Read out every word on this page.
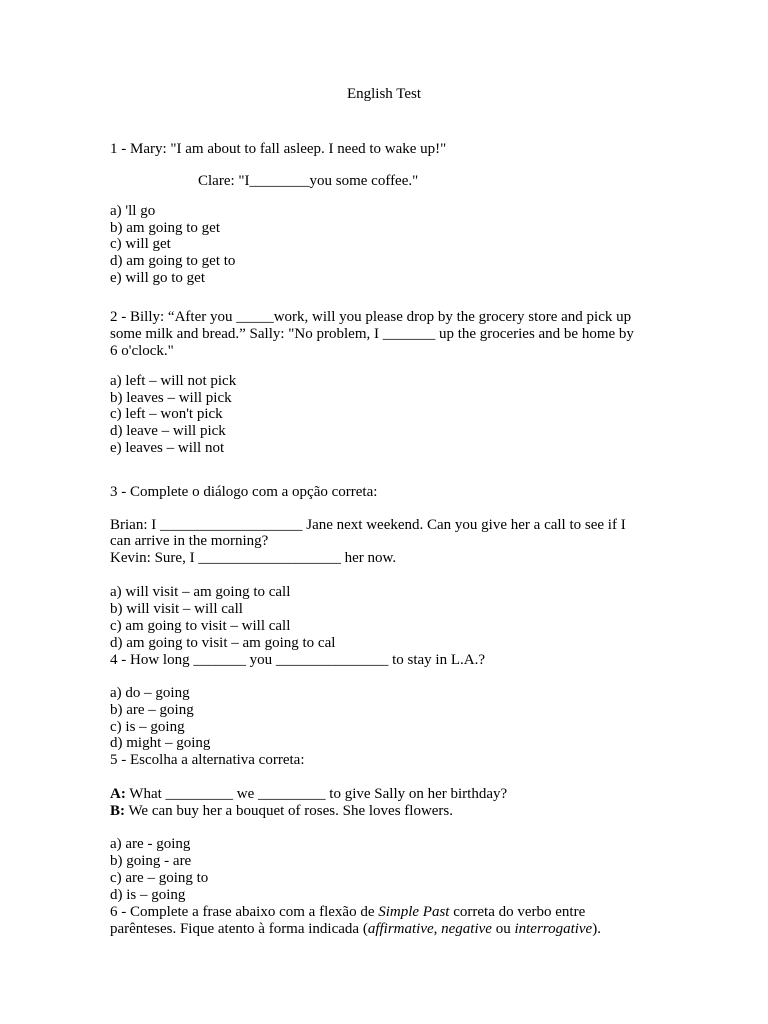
English Test
1 - Mary: "I am about to fall asleep. I need to wake up!"
Clare: "I________you some coffee."
a) 'll go
b) am going to get
c) will get
d) am going to get to
e) will go to get
2 - Billy: “After you _____work, will you please drop by the grocery store and pick up
some milk and bread.” Sally: "No problem, I _______ up the groceries and be home by
6 o'clock."
a) left – will not pick
b) leaves – will pick
c) left – won't pick
d) leave – will pick
e) leaves – will not
3 - Complete o diálogo com a opção correta:
Brian: I ___________________ Jane next weekend. Can you give her a call to see if I
can arrive in the morning?
Kevin: Sure, I ___________________ her now.
a) will visit – am going to call
b) will visit – will call
c) am going to visit – will call
d) am going to visit – am going to cal
4 - How long _______ you _______________ to stay in L.A.?
a) do – going
b) are – going
c) is – going
d) might – going
5 - Escolha a alternativa correta:
A: What _________ we _________ to give Sally on her birthday?
B: We can buy her a bouquet of roses. She loves flowers.
a) are - going
b) going - are
c) are – going to
d) is – going
6 - Complete a frase abaixo com a flexão de Simple Past correta do verbo entre
parênteses. Fique atento à forma indicada (affirmative, negative ou interrogative).
